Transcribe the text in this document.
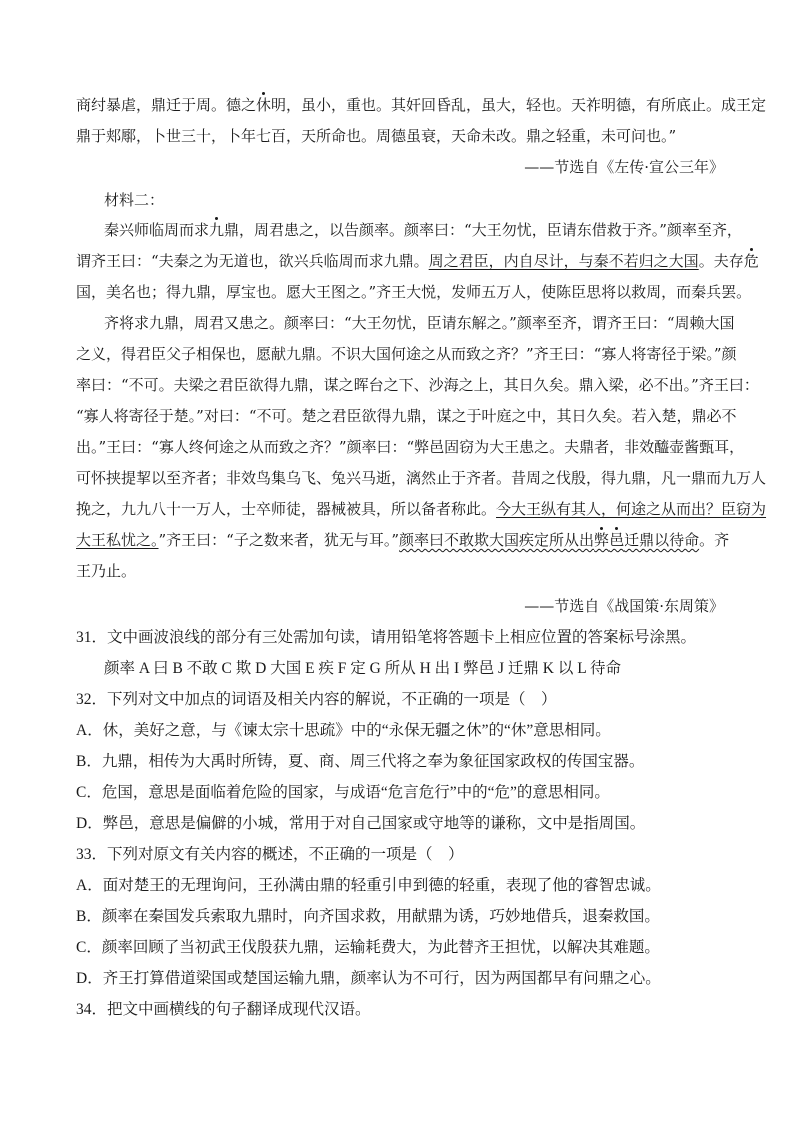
商纣暴虐，鼎迁于周。德之休明，虽小，重也。其奸回昏乱，虽大，轻也。天祚明德，有所底止。成王定
鼎于郏鄏，卜世三十，卜年七百，天所命也。周德虽衰，天命未改。鼎之轻重，未可问也。”
——节选自《左传·宣公三年》
材料二：
秦兴师临周而求九鼎，周君患之，以告颜率。颜率曰：“大王勿忧，臣请东借救于齐。”颜率至齐，
谓齐王曰：“夫秦之为无道也，欲兴兵临周而求九鼎。周之君臣，内自尽计，与秦不若归之大国。夫存危
国，美名也；得九鼎，厚宝也。愿大王图之。”齐王大悦，发师五万人，使陈臣思将以救周，而秦兵罢。
齐将求九鼎，周君又患之。颜率曰：“大王勿忧，臣请东解之。”颜率至齐，谓齐王曰：“周赖大国
之义，得君臣父子相保也，愿献九鼎。不识大国何途之从而致之齐？”齐王曰：“寡人将寄径于梁。”颜
率曰：“不可。夫梁之君臣欲得九鼎，谋之晖台之下、沙海之上，其日久矣。鼎入梁，必不出。”齐王曰：
“寡人将寄径于楚。”对曰：“不可。楚之君臣欲得九鼎，谋之于叶庭之中，其日久矣。若入楚，鼎必不
出。”王曰：“寡人终何途之从而致之齐？”颜率曰：“弊邑固窃为大王患之。夫鼎者，非效醯壶酱甄耳，
可怀挟提挈以至齐者；非效鸟集乌飞、兔兴马逝，漓然止于齐者。昔周之伐殷，得九鼎，凡一鼎而九万人
挽之，九九八十一万人，士卒师徒，器械被具，所以备者称此。今大王纵有其人，何途之从而出？臣窃为
大王私忧之。”齐王曰：“子之数来者，犹无与耳。”颜率曰不敢欺大国疾定所从出弊邑迁鼎以待命。齐
王乃止。
——节选自《战国策·东周策》
31．文中画波浪线的部分有三处需加句读，请用铅笔将答题卡上相应位置的答案标号涂黑。
颜率 A 曰 B 不敢 C 欺 D 大国 E 疾 F 定 G 所从 H 出 I 弊邑 J 迁鼎 K 以 L 待命
32．下列对文中加点的词语及相关内容的解说，不正确的一项是（　）
A．休，美好之意，与《谏太宗十思疏》中的“永保无疆之休”的“休”意思相同。
B．九鼎，相传为大禹时所铸，夏、商、周三代将之奉为象征国家政权的传国宝器。
C．危国，意思是面临着危险的国家，与成语“危言危行”中的“危”的意思相同。
D．弊邑，意思是偏僻的小城，常用于对自己国家或守地等的谦称，文中是指周国。
33．下列对原文有关内容的概述，不正确的一项是（　）
A．面对楚王的无理询问，王孙满由鼎的轻重引申到德的轻重，表现了他的睿智忠诚。
B．颜率在秦国发兵索取九鼎时，向齐国求救，用献鼎为诱，巧妙地借兵，退秦救国。
C．颜率回顾了当初武王伐殷获九鼎，运输耗费大，为此替齐王担忧，以解决其难题。
D．齐王打算借道梁国或楚国运输九鼎，颜率认为不可行，因为两国都早有问鼎之心。
34．把文中画横线的句子翻译成现代汉语。
